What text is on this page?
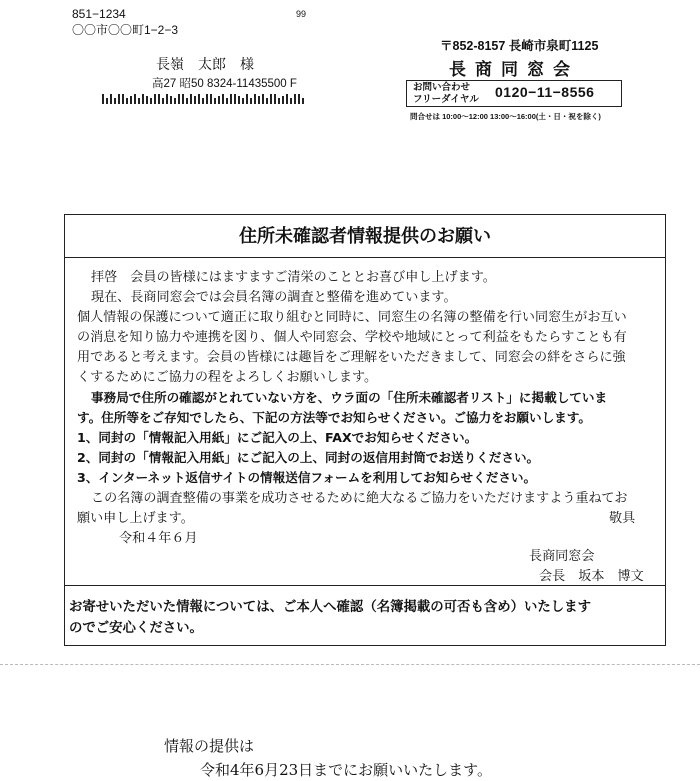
851−1234
〇〇市〇〇町1−2−3
99
長嶺　太郎　様
高27 昭50 8324-11435500 F
〒852-8157 長崎市泉町1125
長商同窓会
お問い合わせ
フリーダイヤル 0120−11−8556
問合せは 10:00〜12:00 13:00〜16:00(土・日・祝を除く)
住所未確認者情報提供のお願い
拝啓　会員の皆様にはますますご清栄のこととお喜び申し上げます。
現在、長商同窓会では会員名簿の調査と整備を進めています。
個人情報の保護について適正に取り組むと同時に、同窓生の名簿の整備を行い同窓生がお互い
の消息を知り協力や連携を図り、個人や同窓会、学校や地域にとって利益をもたらすことも有
用であると考えます。会員の皆様には趣旨をご理解をいただきまして、同窓会の絆をさらに強
くするためにご協力の程をよろしくお願いします。
事務局で住所の確認がとれていない方を、ウラ面の「住所未確認者リスト」に掲載していま
す。住所等をご存知でしたら、下記の方法等でお知らせください。ご協力をお願いします。
1、同封の「情報記入用紙」にご記入の上、FAXでお知らせください。
2、同封の「情報記入用紙」にご記入の上、同封の返信用封筒でお送りください。
3、インターネット返信サイトの情報送信フォームを利用してお知らせください。
この名簿の調査整備の事業を成功させるために絶大なるご協力をいただけますよう重ねてお
願い申し上げます。	敬具
令和４年６月
長商同窓会
会長　坂本　博文
お寄せいただいた情報については、ご本人へ確認（名簿掲載の可否も含め）いたします
のでご安心ください。
情報の提供は
令和4年6月23日までにお願いいたします。
